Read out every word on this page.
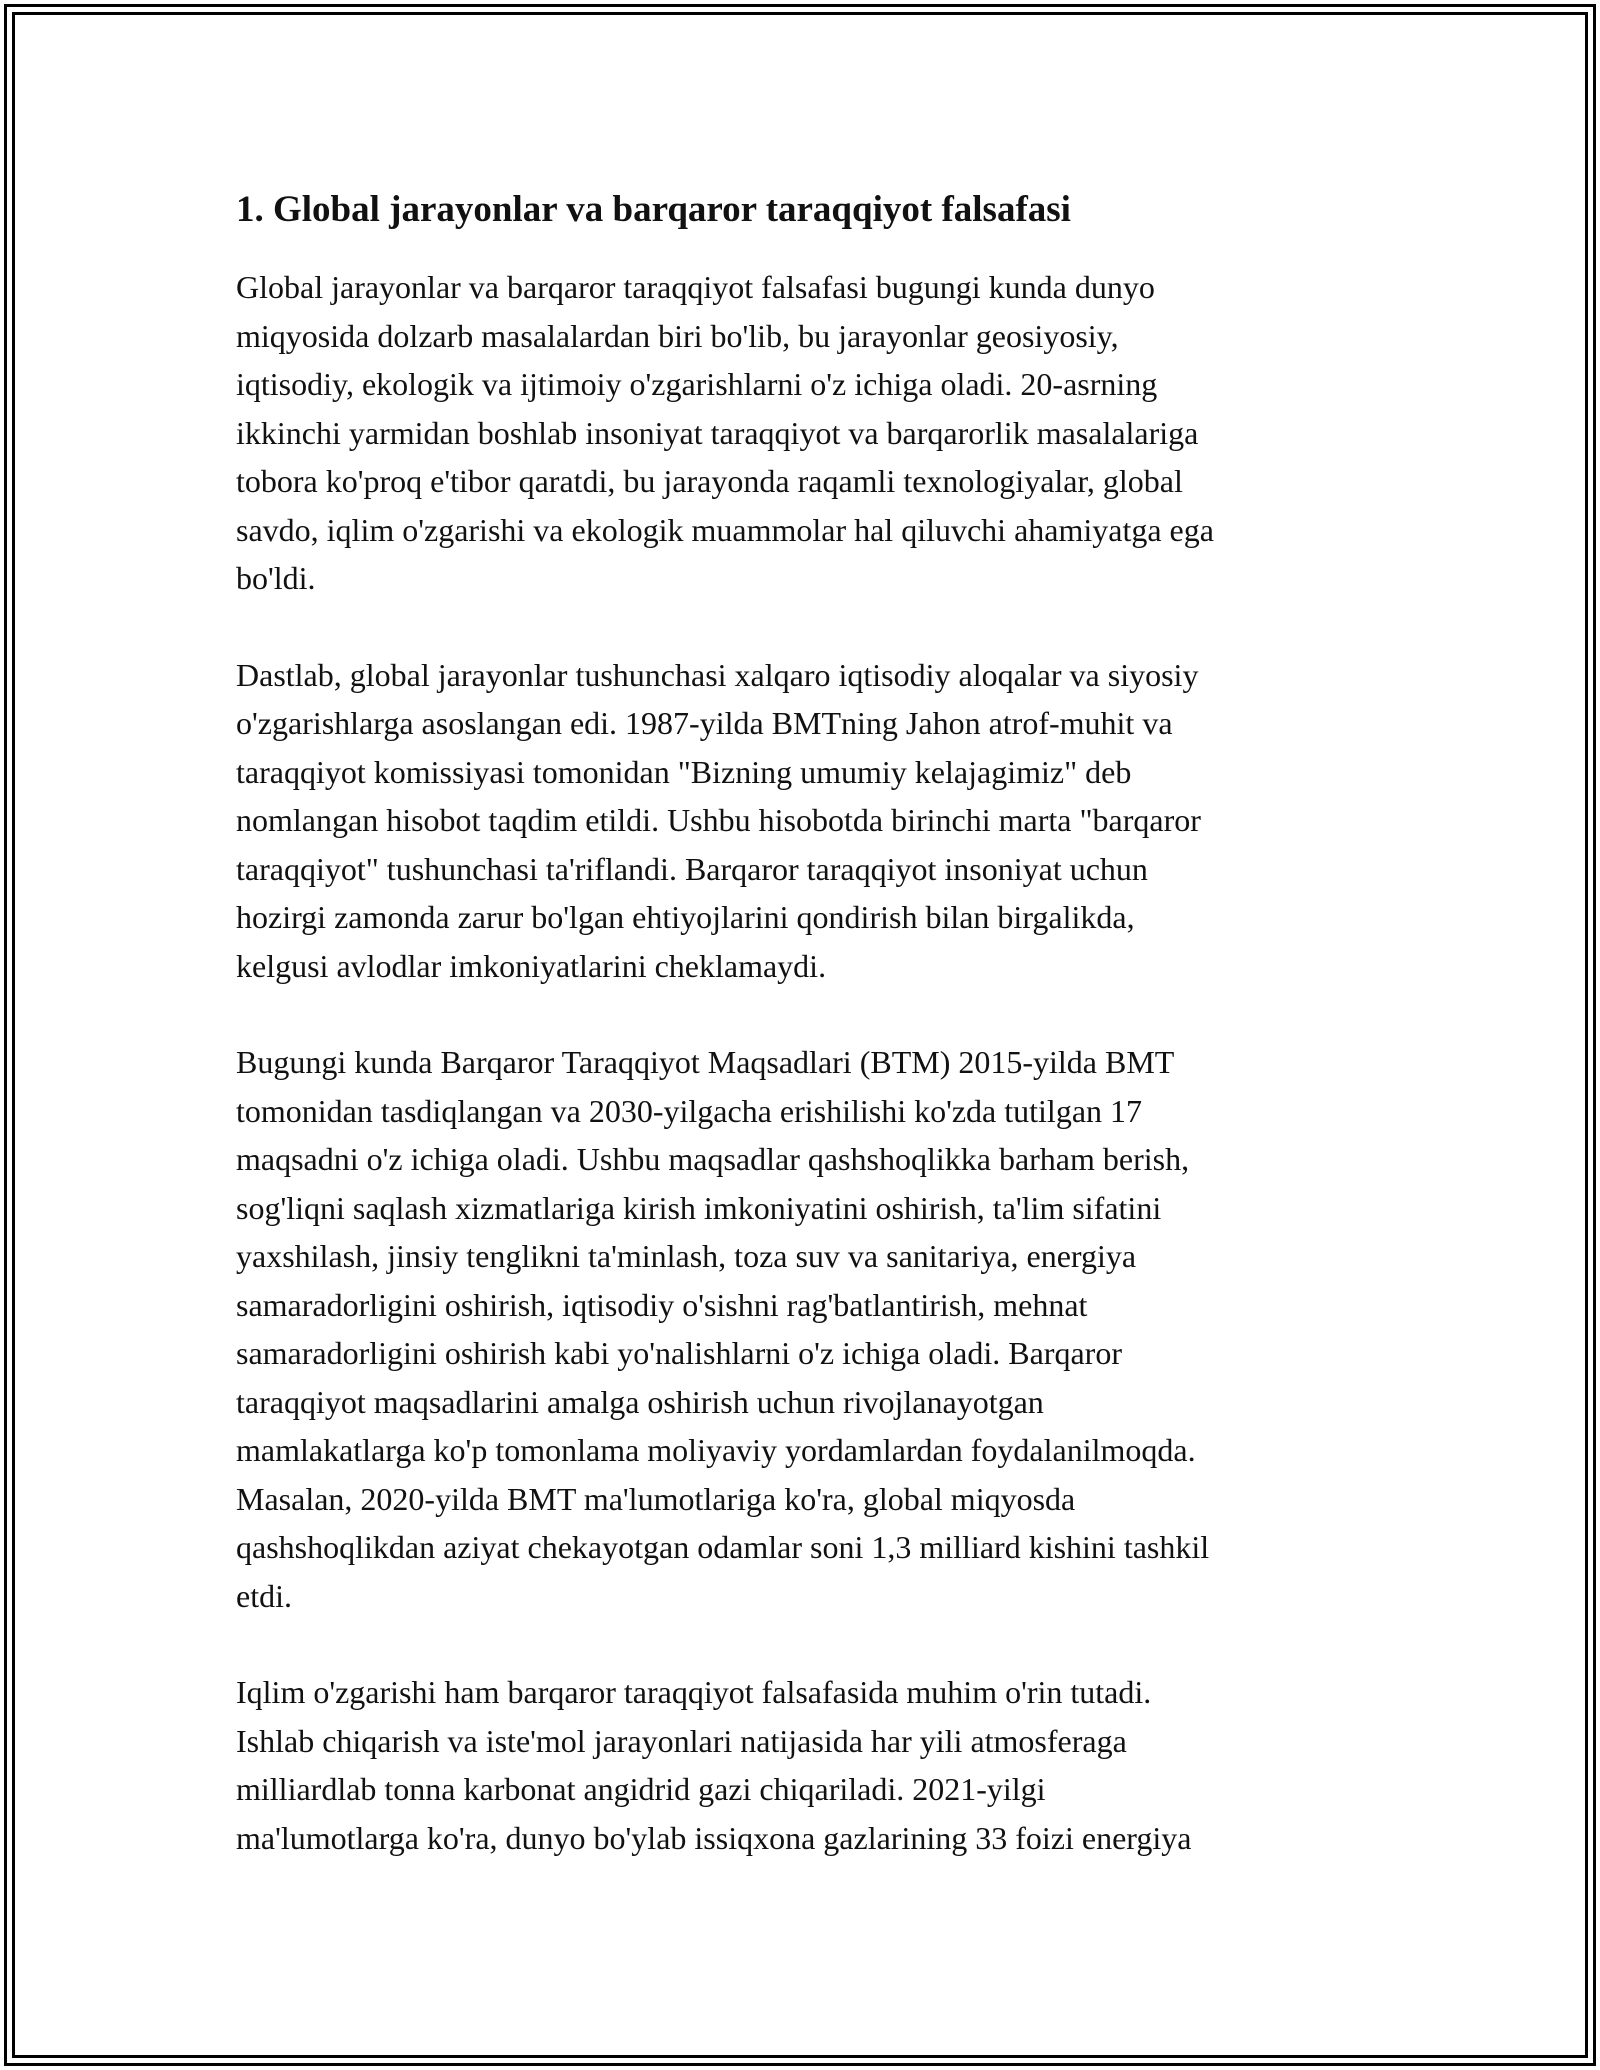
1. Global jarayonlar va barqaror taraqqiyot falsafasi

Global jarayonlar va barqaror taraqqiyot falsafasi bugungi kunda dunyo
miqyosida dolzarb masalalardan biri bo'lib, bu jarayonlar geosiyosiy,
iqtisodiy, ekologik va ijtimoiy o'zgarishlarni o'z ichiga oladi. 20-asrning
ikkinchi yarmidan boshlab insoniyat taraqqiyot va barqarorlik masalalariga
tobora ko'proq e'tibor qaratdi, bu jarayonda raqamli texnologiyalar, global
savdo, iqlim o'zgarishi va ekologik muammolar hal qiluvchi ahamiyatga ega
bo'ldi.

Dastlab, global jarayonlar tushunchasi xalqaro iqtisodiy aloqalar va siyosiy
o'zgarishlarga asoslangan edi. 1987-yilda BMTning Jahon atrof-muhit va
taraqqiyot komissiyasi tomonidan "Bizning umumiy kelajagimiz" deb
nomlangan hisobot taqdim etildi. Ushbu hisobotda birinchi marta "barqaror
taraqqiyot" tushunchasi ta'riflandi. Barqaror taraqqiyot insoniyat uchun
hozirgi zamonda zarur bo'lgan ehtiyojlarini qondirish bilan birgalikda,
kelgusi avlodlar imkoniyatlarini cheklamaydi.

Bugungi kunda Barqaror Taraqqiyot Maqsadlari (BTM) 2015-yilda BMT
tomonidan tasdiqlangan va 2030-yilgacha erishilishi ko'zda tutilgan 17
maqsadni o'z ichiga oladi. Ushbu maqsadlar qashshoqlikka barham berish,
sog'liqni saqlash xizmatlariga kirish imkoniyatini oshirish, ta'lim sifatini
yaxshilash, jinsiy tenglikni ta'minlash, toza suv va sanitariya, energiya
samaradorligini oshirish, iqtisodiy o'sishni rag'batlantirish, mehnat
samaradorligini oshirish kabi yo'nalishlarni o'z ichiga oladi. Barqaror
taraqqiyot maqsadlarini amalga oshirish uchun rivojlanayotgan
mamlakatlarga ko'p tomonlama moliyaviy yordamlardan foydalanilmoqda.
Masalan, 2020-yilda BMT ma'lumotlariga ko'ra, global miqyosda
qashshoqlikdan aziyat chekayotgan odamlar soni 1,3 milliard kishini tashkil
etdi.

Iqlim o'zgarishi ham barqaror taraqqiyot falsafasida muhim o'rin tutadi.
Ishlab chiqarish va iste'mol jarayonlari natijasida har yili atmosferaga
milliardlab tonna karbonat angidrid gazi chiqariladi. 2021-yilgi
ma'lumotlarga ko'ra, dunyo bo'ylab issiqxona gazlarining 33 foizi energiya
